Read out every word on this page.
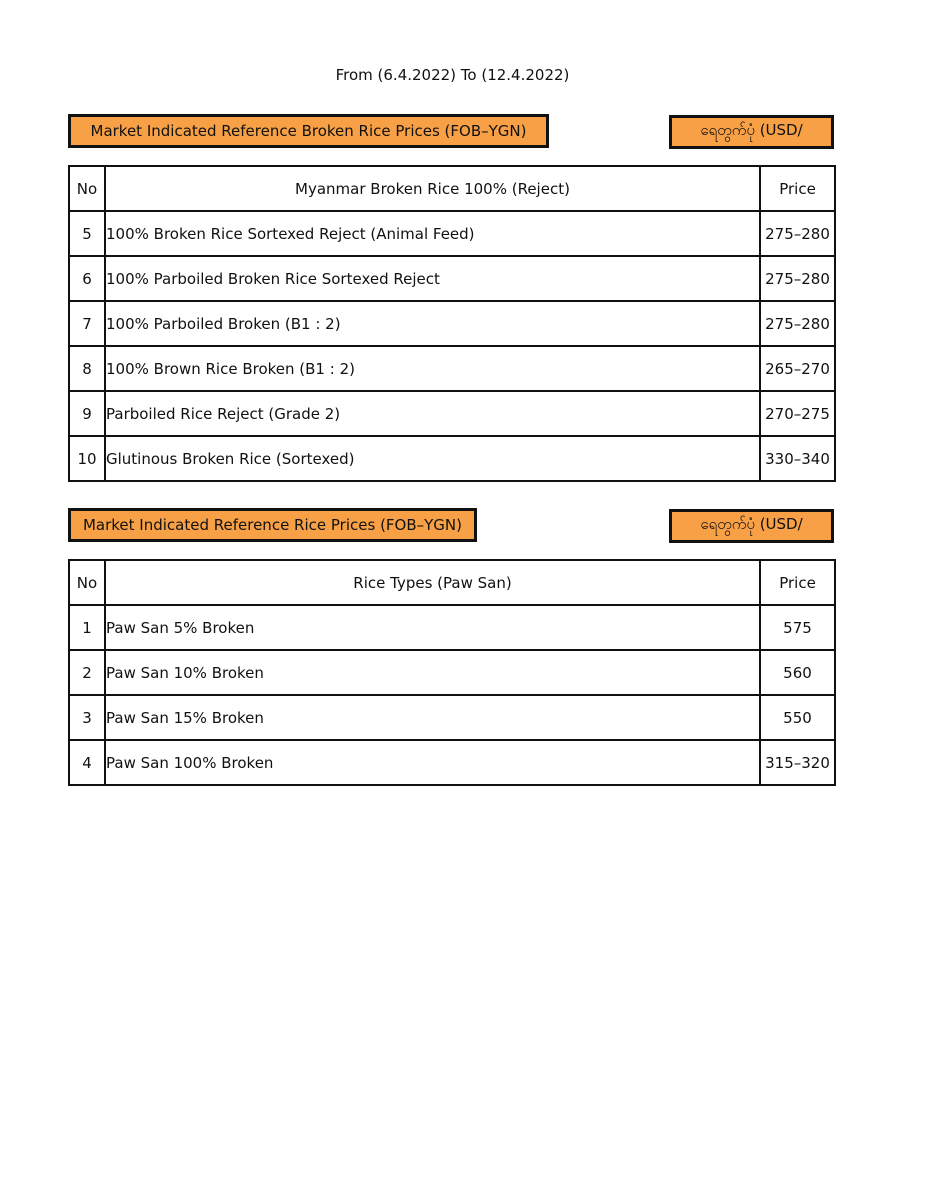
From (6.4.2022) To (12.4.2022)
Market Indicated Reference Broken Rice Prices (FOB–YGN)	ရေတွက်ပုံ (USD/
No	Myanmar Broken Rice 100% (Reject)	Price
5	100% Broken Rice Sortexed Reject (Animal Feed)	275–280
6	100% Parboiled Broken Rice Sortexed Reject	275–280
7	100% Parboiled Broken (B1 : 2)	275–280
8	100% Brown Rice Broken (B1 : 2)	265–270
9	Parboiled Rice Reject (Grade 2)	270–275
10	Glutinous Broken Rice (Sortexed)	330–340
Market Indicated Reference Rice Prices (FOB–YGN)	ရေတွက်ပုံ (USD/
No	Rice Types (Paw San)	Price
1	Paw San 5% Broken	575
2	Paw San 10% Broken	560
3	Paw San 15% Broken	550
4	Paw San 100% Broken	315–320
